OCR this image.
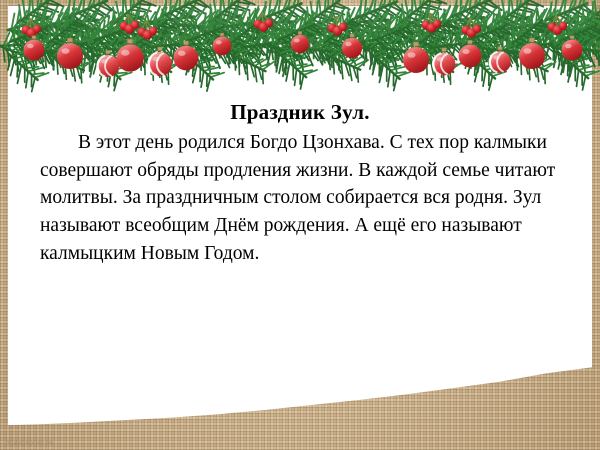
Праздник Зул.

В этот день родился Богдо Цзонхава. С тех пор калмыки совершают обряды продления жизни. В каждой семье читают молитвы. За праздничным столом собирается вся родня. Зул называют всеобщим Днём рождения. А ещё его называют калмыцким Новым Годом.

ПСИХОЛОГИЯ.РФ
